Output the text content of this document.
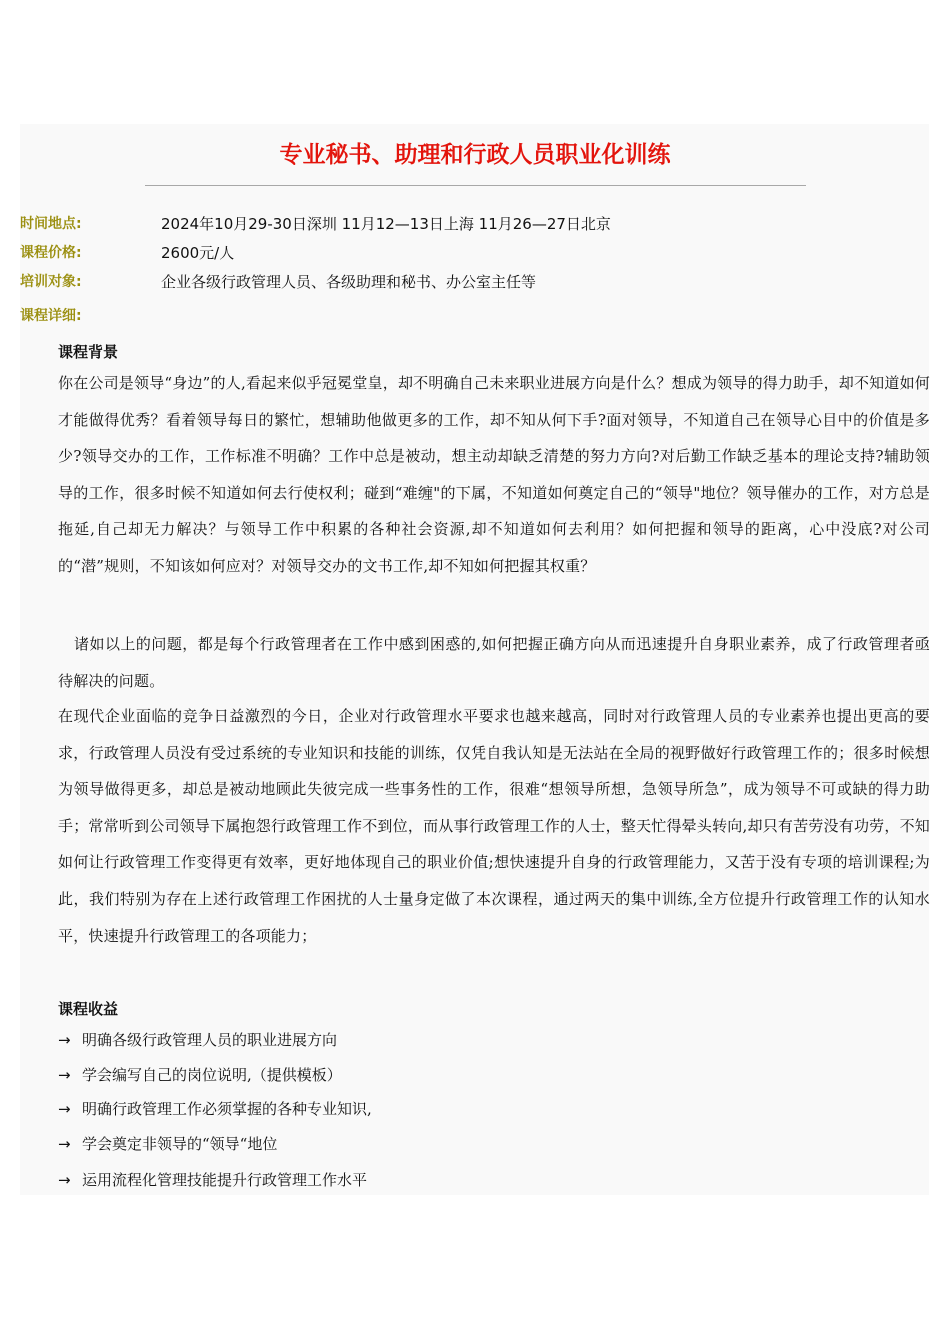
专业秘书、助理和行政人员职业化训练
时间地点:	2024年10月29-30日深圳 11月12—13日上海 11月26—27日北京
课程价格:	2600元/人
培训对象:	企业各级行政管理人员、各级助理和秘书、办公室主任等
课程详细:
课程背景

你在公司是领导“身边”的人,看起来似乎冠冕堂皇，却不明确自己未来职业进展方向是什么？想成为领导的得力助手，却不知道如何才能做得优秀？看着领导每日的繁忙，想辅助他做更多的工作，却不知从何下手?面对领导，不知道自己在领导心目中的价值是多少?领导交办的工作，工作标准不明确？工作中总是被动，想主动却缺乏清楚的努力方向?对后勤工作缺乏基本的理论支持?辅助领导的工作，很多时候不知道如何去行使权利；碰到“难缠"的下属，不知道如何奠定自己的“领导"地位？领导催办的工作，对方总是拖延,自己却无力解决？与领导工作中积累的各种社会资源,却不知道如何去利用？如何把握和领导的距离，心中没底?对公司的“潜”规则，不知该如何应对？对领导交办的文书工作,却不知如何把握其权重？

诸如以上的问题，都是每个行政管理者在工作中感到困惑的,如何把握正确方向从而迅速提升自身职业素养，成了行政管理者亟待解决的问题。

在现代企业面临的竞争日益激烈的今日，企业对行政管理水平要求也越来越高，同时对行政管理人员的专业素养也提出更高的要求，行政管理人员没有受过系统的专业知识和技能的训练，仅凭自我认知是无法站在全局的视野做好行政管理工作的；很多时候想为领导做得更多，却总是被动地顾此失彼完成一些事务性的工作，很难“想领导所想，急领导所急”，成为领导不可或缺的得力助手；常常听到公司领导下属抱怨行政管理工作不到位，而从事行政管理工作的人士，整天忙得晕头转向,却只有苦劳没有功劳，不知如何让行政管理工作变得更有效率，更好地体现自己的职业价值;想快速提升自身的行政管理能力，又苦于没有专项的培训课程;为此，我们特别为存在上述行政管理工作困扰的人士量身定做了本次课程，通过两天的集中训练,全方位提升行政管理工作的认知水平，快速提升行政管理工的各项能力；

课程收益
→ 明确各级行政管理人员的职业进展方向
→ 学会编写自己的岗位说明,（提供模板）
→ 明确行政管理工作必须掌握的各种专业知识,
→ 学会奠定非领导的“领导“地位
→ 运用流程化管理技能提升行政管理工作水平
